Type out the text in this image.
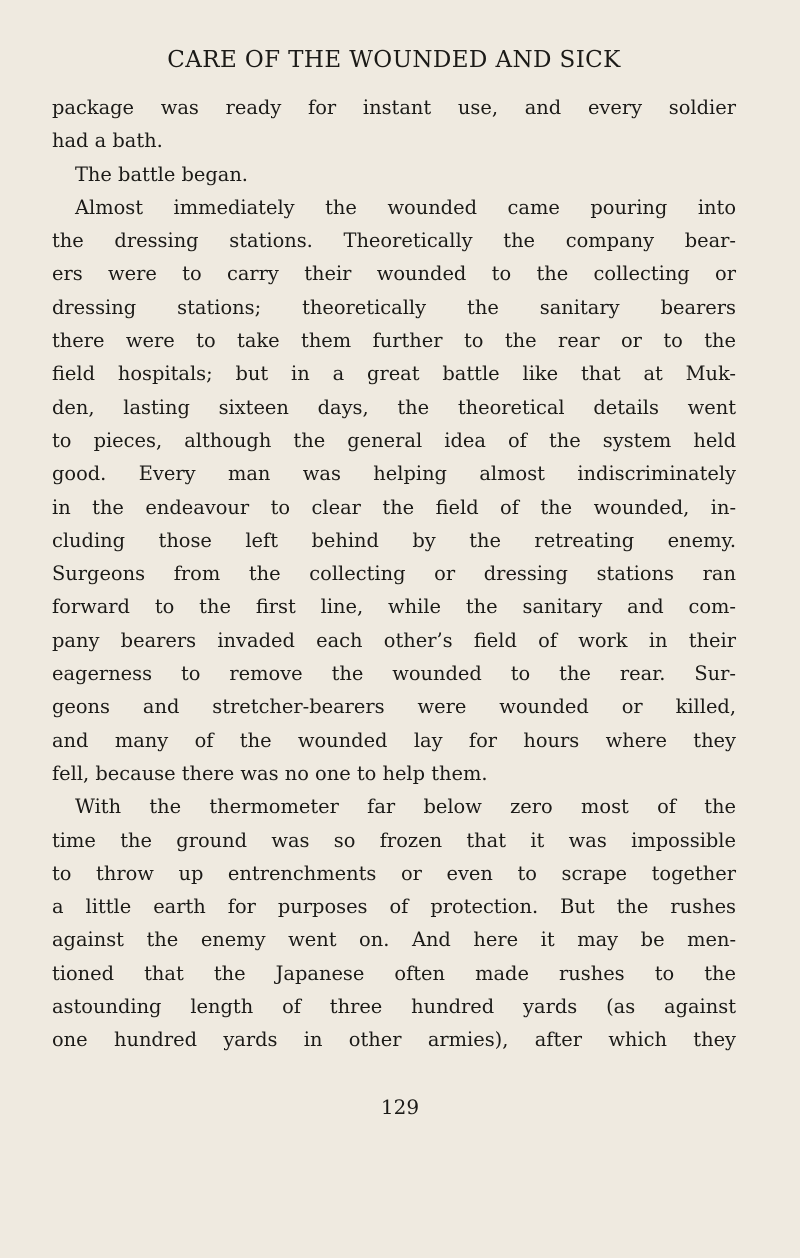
CARE OF THE WOUNDED AND SICK
package was ready for instant use, and every soldier
had a bath.
The battle began.
Almost immediately the wounded came pouring into
the dressing stations. Theoretically the company bear-
ers were to carry their wounded to the collecting or
dressing stations; theoretically the sanitary bearers
there were to take them further to the rear or to the
field hospitals; but in a great battle like that at Muk-
den, lasting sixteen days, the theoretical details went
to pieces, although the general idea of the system held
good. Every man was helping almost indiscriminately
in the endeavour to clear the field of the wounded, in-
cluding those left behind by the retreating enemy.
Surgeons from the collecting or dressing stations ran
forward to the first line, while the sanitary and com-
pany bearers invaded each other’s field of work in their
eagerness to remove the wounded to the rear. Sur-
geons and stretcher-bearers were wounded or killed,
and many of the wounded lay for hours where they
fell, because there was no one to help them.
With the thermometer far below zero most of the
time the ground was so frozen that it was impossible
to throw up entrenchments or even to scrape together
a little earth for purposes of protection. But the rushes
against the enemy went on. And here it may be men-
tioned that the Japanese often made rushes to the
astounding length of three hundred yards (as against
one hundred yards in other armies), after which they
129
